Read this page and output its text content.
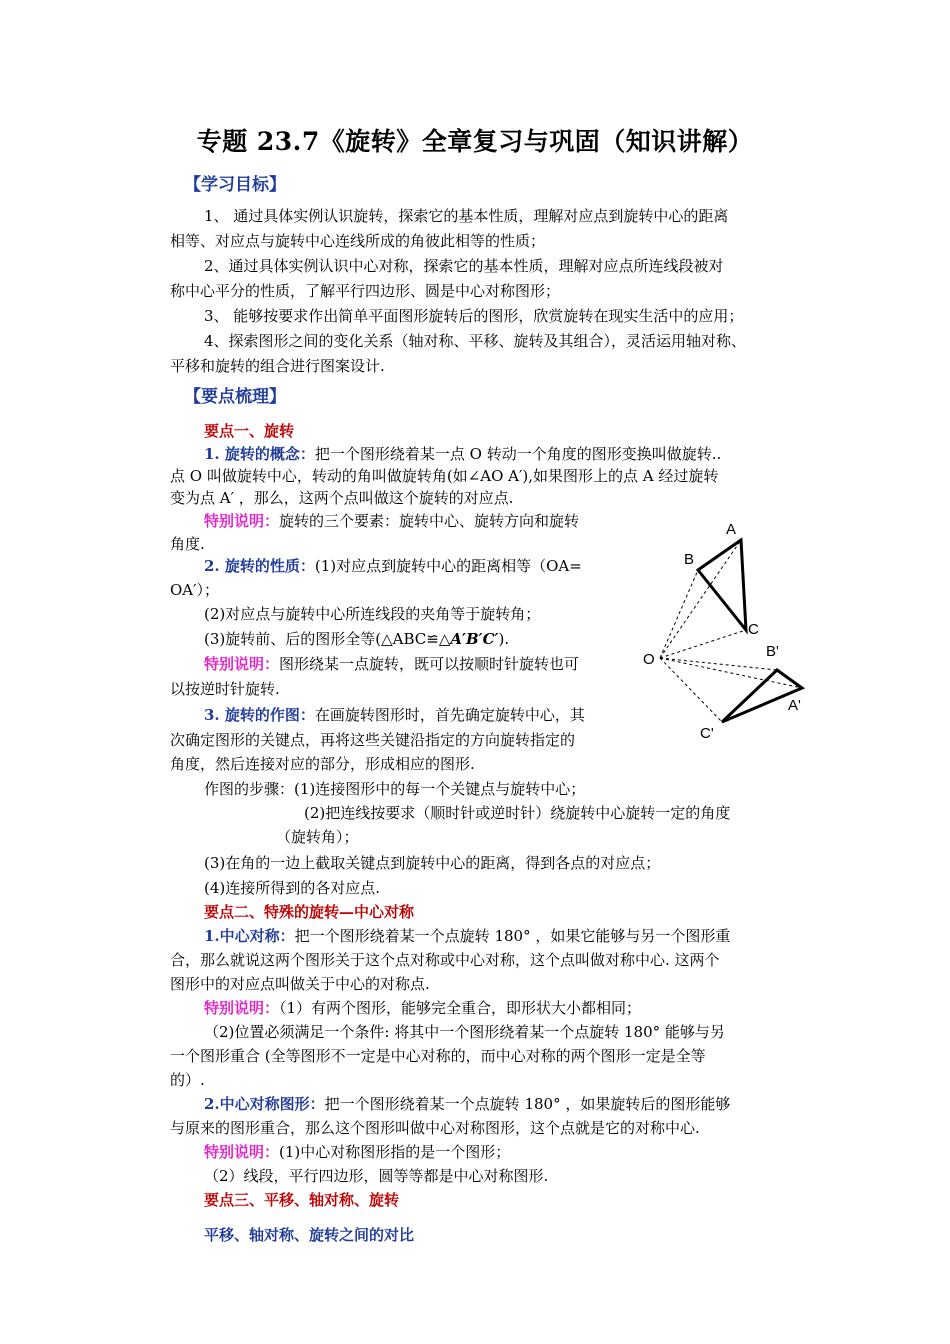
专题 23.7《旋转》全章复习与巩固（知识讲解）
【学习目标】
1、 通过具体实例认识旋转，探索它的基本性质，理解对应点到旋转中心的距离
相等、对应点与旋转中心连线所成的角彼此相等的性质；
2、通过具体实例认识中心对称，探索它的基本性质，理解对应点所连线段被对
称中心平分的性质，了解平行四边形、圆是中心对称图形；
3、 能够按要求作出简单平面图形旋转后的图形，欣赏旋转在现实生活中的应用；
4、探索图形之间的变化关系（轴对称、平移、旋转及其组合），灵活运用轴对称、
平移和旋转的组合进行图案设计.
【要点梳理】
要点一、旋转
1. 旋转的概念：把一个图形绕着某一点 O 转动一个角度的图形变换叫做旋转..
点 O 叫做旋转中心，转动的角叫做旋转角(如∠AO A′),如果图形上的点 A 经过旋转
变为点 A′ ，那么，这两个点叫做这个旋转的对应点.
特别说明：旋转的三个要素：旋转中心、旋转方向和旋转
角度.
2. 旋转的性质：(1)对应点到旋转中心的距离相等（OA=
OA′）；
(2)对应点与旋转中心所连线段的夹角等于旋转角；
(3)旋转前、后的图形全等(△ABC≌△A′B′C′).
特别说明：图形绕某一点旋转，既可以按顺时针旋转也可
以按逆时针旋转.
3. 旋转的作图：在画旋转图形时，首先确定旋转中心，其
次确定图形的关键点，再将这些关键沿指定的方向旋转指定的
角度，然后连接对应的部分，形成相应的图形.
作图的步骤：(1)连接图形中的每一个关键点与旋转中心；
(2)把连线按要求（顺时针或逆时针）绕旋转中心旋转一定的角度
（旋转角）；
(3)在角的一边上截取关键点到旋转中心的距离，得到各点的对应点；
(4)连接所得到的各对应点.
要点二、特殊的旋转—中心对称
1.中心对称：把一个图形绕着某一个点旋转 180° ，如果它能够与另一个图形重
合，那么就说这两个图形关于这个点对称或中心对称，这个点叫做对称中心. 这两个
图形中的对应点叫做关于中心的对称点.
特别说明：（1）有两个图形，能够完全重合，即形状大小都相同；
（2)位置必须满足一个条件: 将其中一个图形绕着某一个点旋转 180° 能够与另
一个图形重合 (全等图形不一定是中心对称的，而中心对称的两个图形一定是全等
的）.
2.中心对称图形：把一个图形绕着某一个点旋转 180° ，如果旋转后的图形能够
与原来的图形重合，那么这个图形叫做中心对称图形，这个点就是它的对称中心.
特别说明：(1)中心对称图形指的是一个图形；
（2）线段，平行四边形，圆等等都是中心对称图形.
要点三、平移、轴对称、旋转
平移、轴对称、旋转之间的对比
A
B
C
O
A'
B'
C'
